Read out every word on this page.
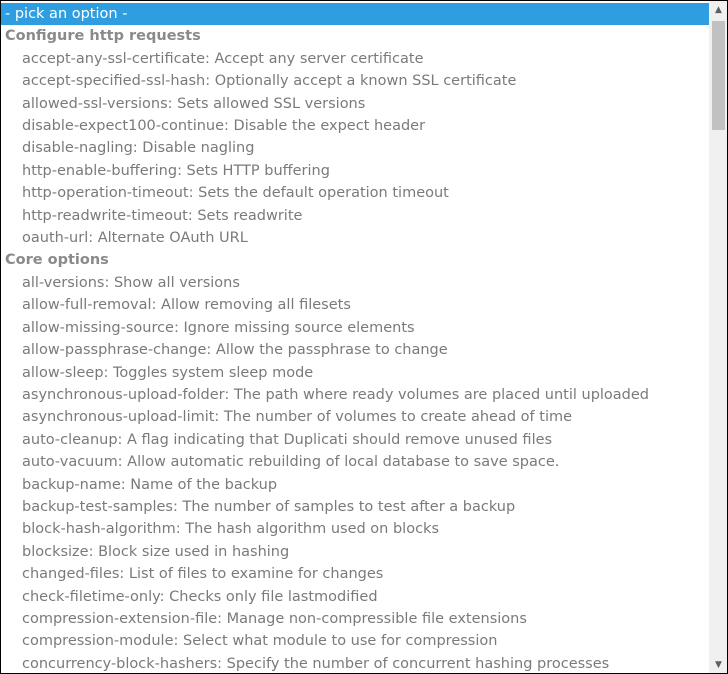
- pick an option -
Configure http requests
accept-any-ssl-certificate: Accept any server certificate
accept-specified-ssl-hash: Optionally accept a known SSL certificate
allowed-ssl-versions: Sets allowed SSL versions
disable-expect100-continue: Disable the expect header
disable-nagling: Disable nagling
http-enable-buffering: Sets HTTP buffering
http-operation-timeout: Sets the default operation timeout
http-readwrite-timeout: Sets readwrite
oauth-url: Alternate OAuth URL
Core options
all-versions: Show all versions
allow-full-removal: Allow removing all filesets
allow-missing-source: Ignore missing source elements
allow-passphrase-change: Allow the passphrase to change
allow-sleep: Toggles system sleep mode
asynchronous-upload-folder: The path where ready volumes are placed until uploaded
asynchronous-upload-limit: The number of volumes to create ahead of time
auto-cleanup: A flag indicating that Duplicati should remove unused files
auto-vacuum: Allow automatic rebuilding of local database to save space.
backup-name: Name of the backup
backup-test-samples: The number of samples to test after a backup
block-hash-algorithm: The hash algorithm used on blocks
blocksize: Block size used in hashing
changed-files: List of files to examine for changes
check-filetime-only: Checks only file lastmodified
compression-extension-file: Manage non-compressible file extensions
compression-module: Select what module to use for compression
concurrency-block-hashers: Specify the number of concurrent hashing processes
▲
▼
